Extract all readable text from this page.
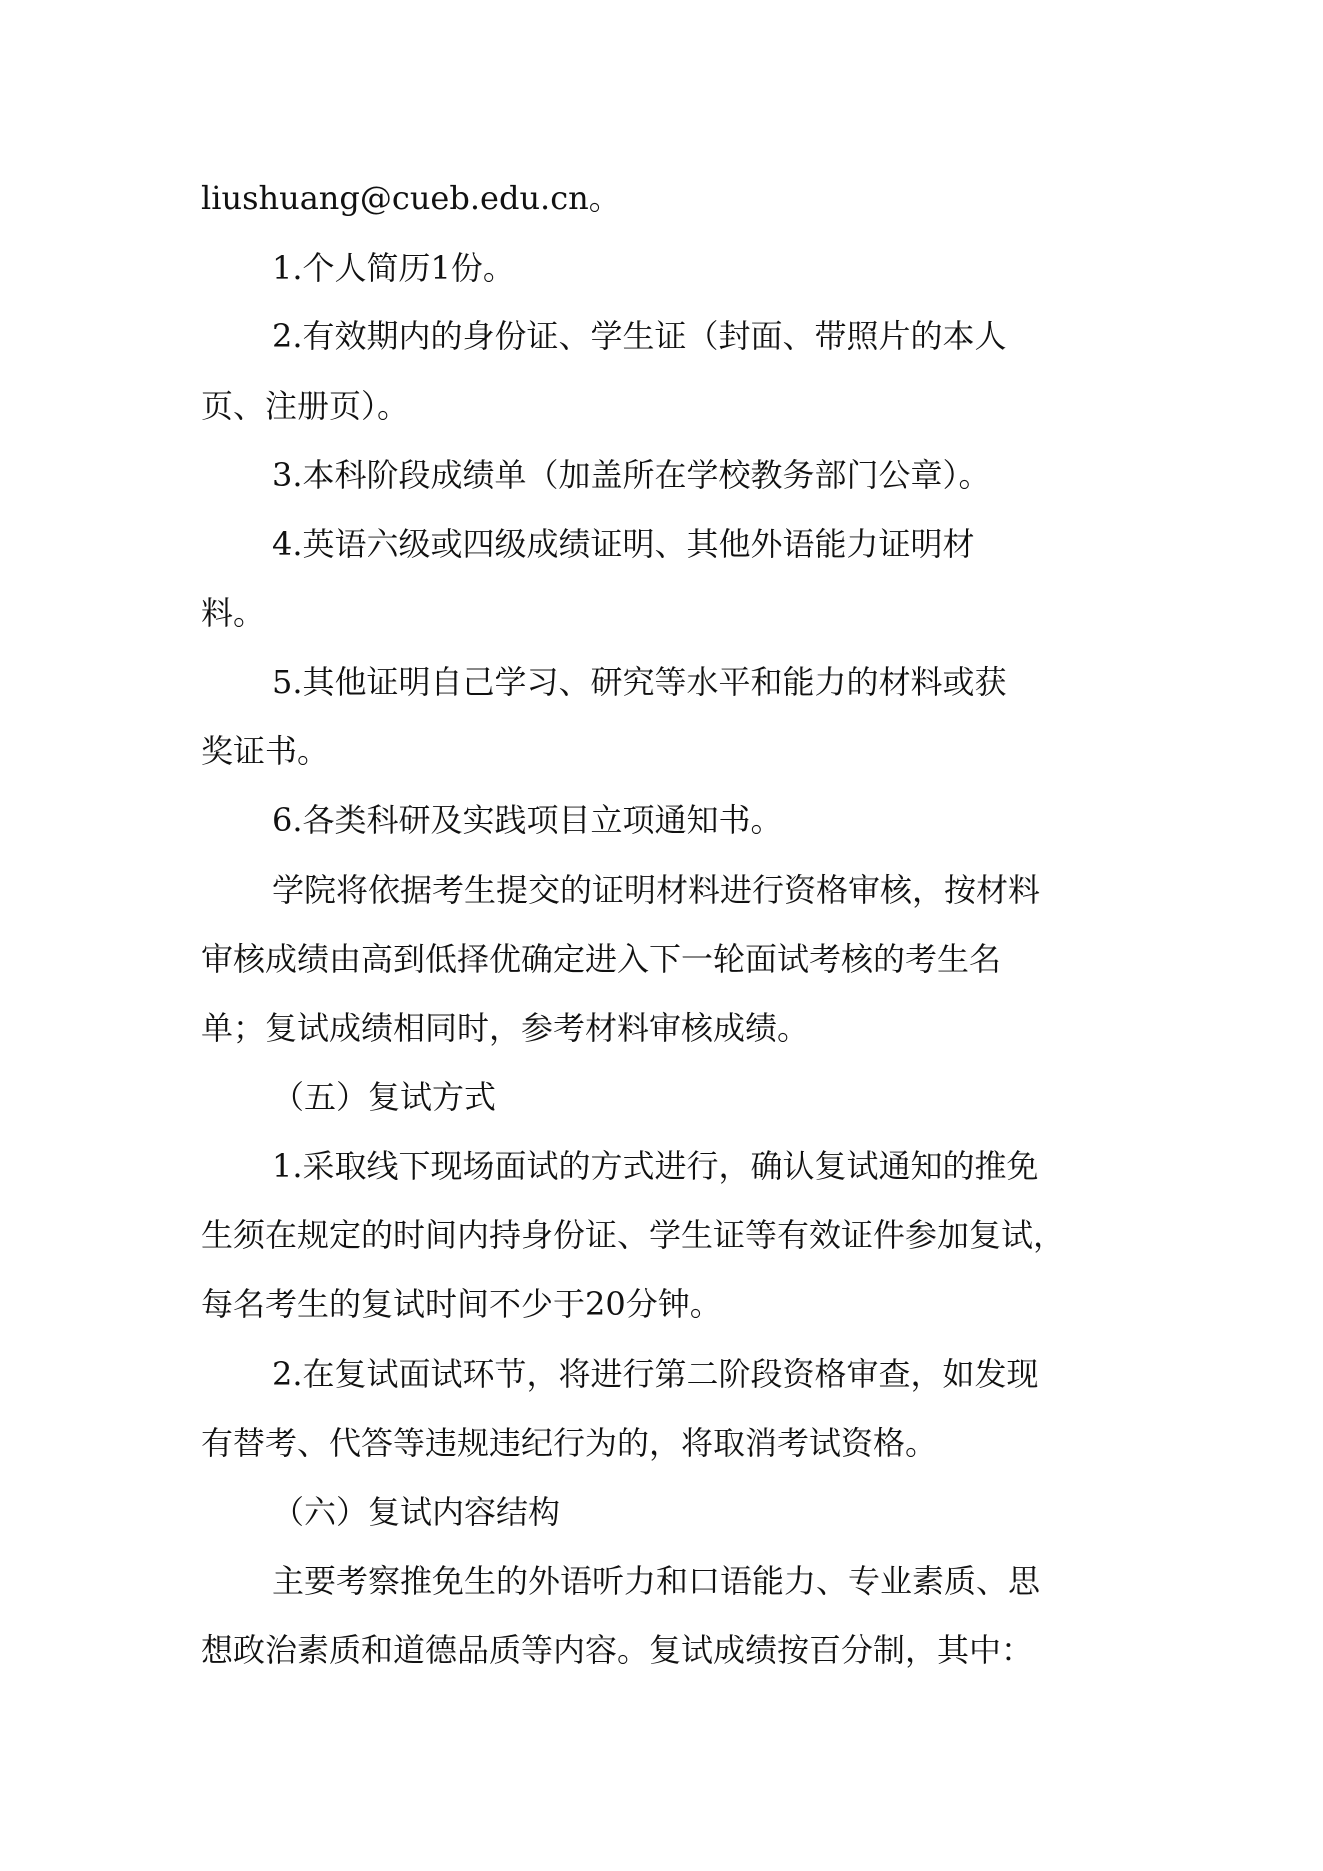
liushuang@cueb.edu.cn。
1.个人简历1份。
2.有效期内的身份证、学生证（封面、带照片的本人
页、注册页）。
3.本科阶段成绩单（加盖所在学校教务部门公章）。
4.英语六级或四级成绩证明、其他外语能力证明材
料。
5.其他证明自己学习、研究等水平和能力的材料或获
奖证书。
6.各类科研及实践项目立项通知书。
学院将依据考生提交的证明材料进行资格审核，按材料
审核成绩由高到低择优确定进入下一轮面试考核的考生名
单；复试成绩相同时，参考材料审核成绩。
（五）复试方式
1.采取线下现场面试的方式进行，确认复试通知的推免
生须在规定的时间内持身份证、学生证等有效证件参加复试，
每名考生的复试时间不少于20分钟。
2.在复试面试环节，将进行第二阶段资格审查，如发现
有替考、代答等违规违纪行为的，将取消考试资格。
（六）复试内容结构
主要考察推免生的外语听力和口语能力、专业素质、思
想政治素质和道德品质等内容。复试成绩按百分制，其中：
